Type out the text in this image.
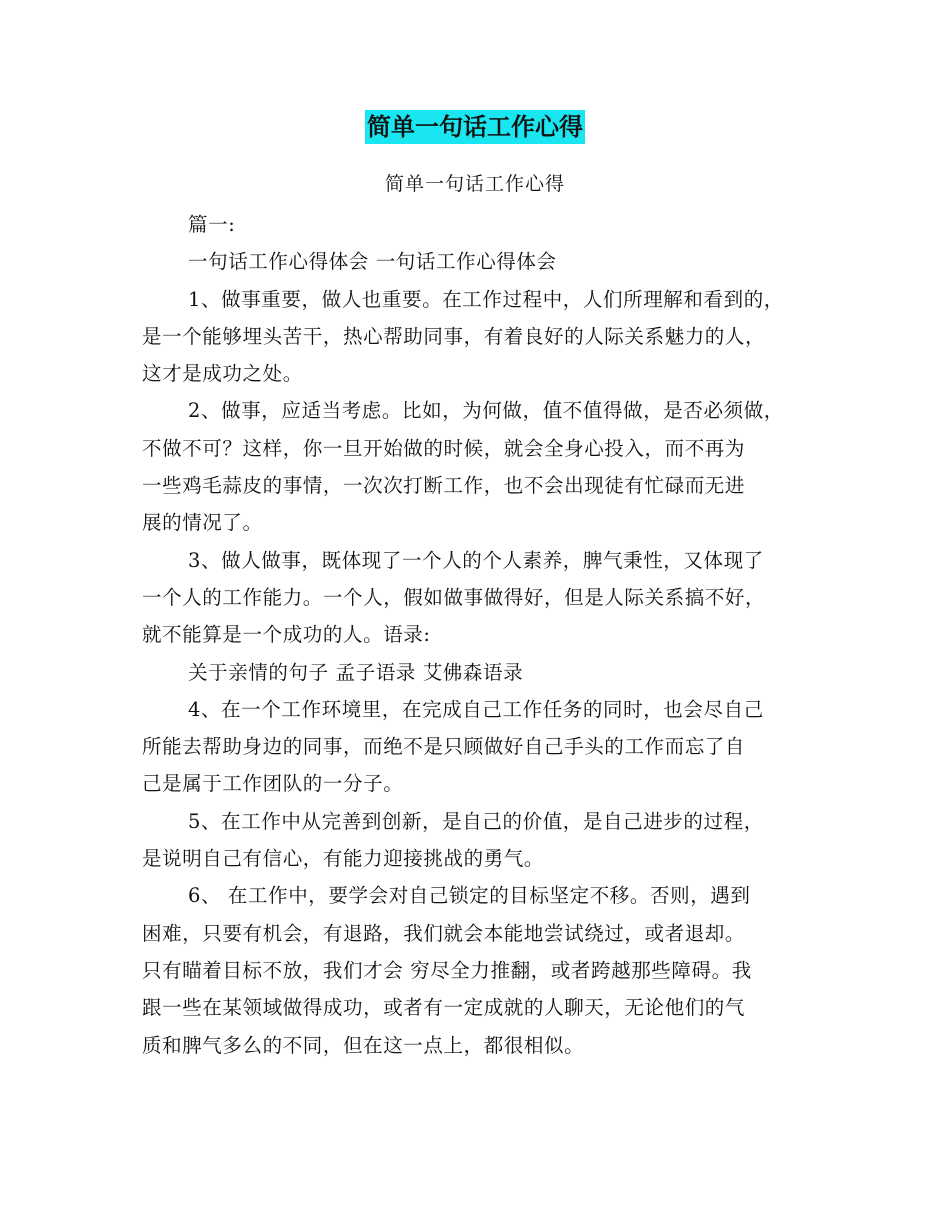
简单一句话工作心得
简单一句话工作心得
篇一:
一句话工作心得体会 一句话工作心得体会
1、做事重要，做人也重要。在工作过程中，人们所理解和看到的，
是一个能够埋头苦干，热心帮助同事，有着良好的人际关系魅力的人，
这才是成功之处。
2、做事，应适当考虑。比如，为何做，值不值得做，是否必须做，
不做不可？这样，你一旦开始做的时候，就会全身心投入，而不再为
一些鸡毛蒜皮的事情，一次次打断工作，也不会出现徒有忙碌而无进
展的情况了。
3、做人做事，既体现了一个人的个人素养，脾气秉性，又体现了
一个人的工作能力。一个人，假如做事做得好，但是人际关系搞不好，
就不能算是一个成功的人。语录:
关于亲情的句子 孟子语录 艾佛森语录
4、在一个工作环境里，在完成自己工作任务的同时，也会尽自己
所能去帮助身边的同事，而绝不是只顾做好自己手头的工作而忘了自
己是属于工作团队的一分子。
5、在工作中从完善到创新，是自己的价值，是自己进步的过程，
是说明自己有信心，有能力迎接挑战的勇气。
6、 在工作中，要学会对自己锁定的目标坚定不移。否则，遇到
困难，只要有机会，有退路，我们就会本能地尝试绕过，或者退却。
只有瞄着目标不放，我们才会 穷尽全力推翻，或者跨越那些障碍。我
跟一些在某领域做得成功，或者有一定成就的人聊天，无论他们的气
质和脾气多么的不同，但在这一点上，都很相似。
